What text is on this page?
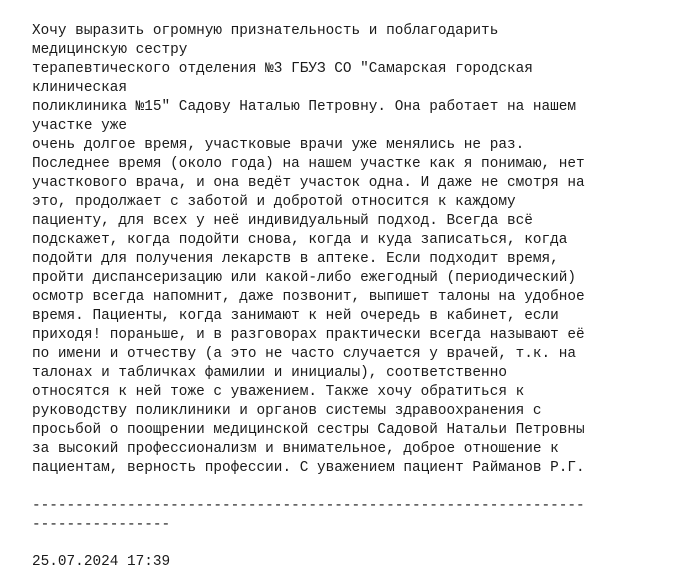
Хочу выразить огромную признательность и поблагодарить
медицинскую сестру
терапевтического отделения №3 ГБУЗ СО "Самарская городская
клиническая
поликлиника №15" Садову Наталью Петровну. Она работает на нашем
участке уже
очень долгое время, участковые врачи уже менялись не раз.
Последнее время (около года) на нашем участке как я понимаю, нет
участкового врача, и она ведёт участок одна. И даже не смотря на
это, продолжает с заботой и добротой относится к каждому
пациенту, для всех у неё индивидуальный подход. Всегда всё
подскажет, когда подойти снова, когда и куда записаться, когда
подойти для получения лекарств в аптеке. Если подходит время,
пройти диспансеризацию или какой-либо ежегодный (периодический)
осмотр всегда напомнит, даже позвонит, выпишет талоны на удобное
время. Пациенты, когда занимают к ней очередь в кабинет, если
приходя! пораньше, и в разговорах практически всегда называют её
по имени и отчеству (а это не часто случается у врачей, т.к. на
талонах и табличках фамилии и инициалы), соответственно
относятся к ней тоже с уважением. Также хочу обратиться к
руководству поликлиники и органов системы здравоохранения с
просьбой о поощрении медицинской сестры Садовой Натальи Петровны
за высокий профессионализм и внимательное, доброе отношение к
пациентам, верность профессии. С уважением пациент Райманов Р.Г.
----------------------------------------------------------------
----------------
25.07.2024 17:39
